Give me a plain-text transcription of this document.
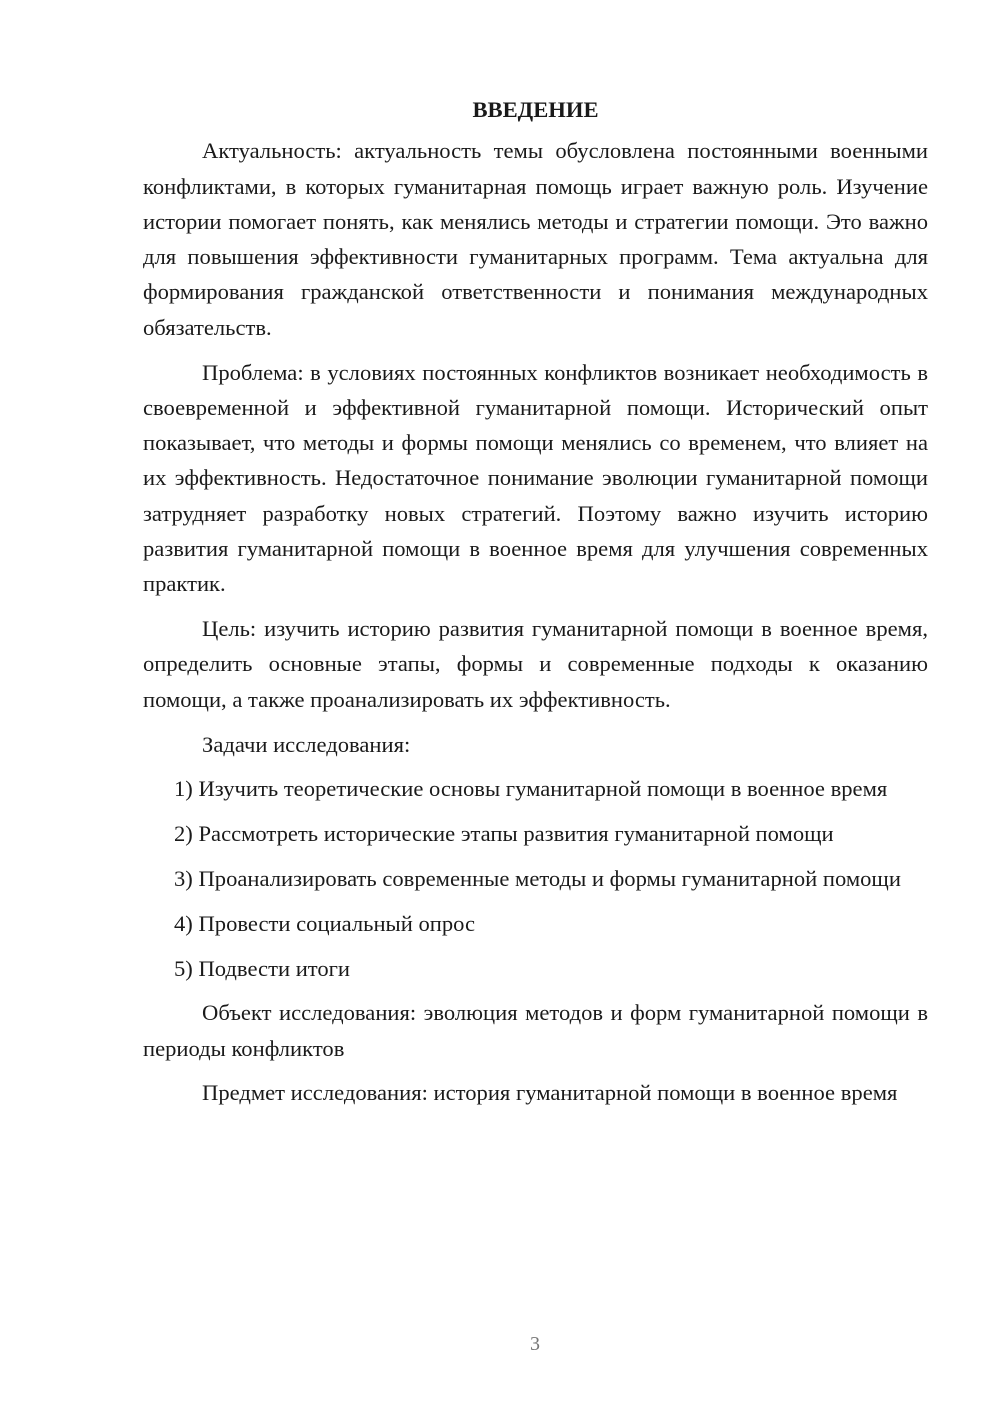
ВВЕДЕНИЕ

Актуальность: актуальность темы обусловлена постоянными военными конфликтами, в которых гуманитарная помощь играет важную роль. Изучение истории помогает понять, как менялись методы и стратегии помощи. Это важно для повышения эффективности гуманитарных программ. Тема актуальна для формирования гражданской ответственности и понимания международных обязательств.

Проблема: в условиях постоянных конфликтов возникает необходимость в своевременной и эффективной гуманитарной помощи. Исторический опыт показывает, что методы и формы помощи менялись со временем, что влияет на их эффективность. Недостаточное понимание эволюции гуманитарной помощи затрудняет разработку новых стратегий. Поэтому важно изучить историю развития гуманитарной помощи в военное время для улучшения современных практик.

Цель: изучить историю развития гуманитарной помощи в военное время, определить основные этапы, формы и современные подходы к оказанию помощи, а также проанализировать их эффективность.

Задачи исследования:

1) Изучить теоретические основы гуманитарной помощи в военное время

2) Рассмотреть исторические этапы развития гуманитарной помощи

3) Проанализировать современные методы и формы гуманитарной помощи

4) Провести социальный опрос

5) Подвести итоги

Объект исследования: эволюция методов и форм гуманитарной помощи в периоды конфликтов

Предмет исследования: история гуманитарной помощи в военное время

3
